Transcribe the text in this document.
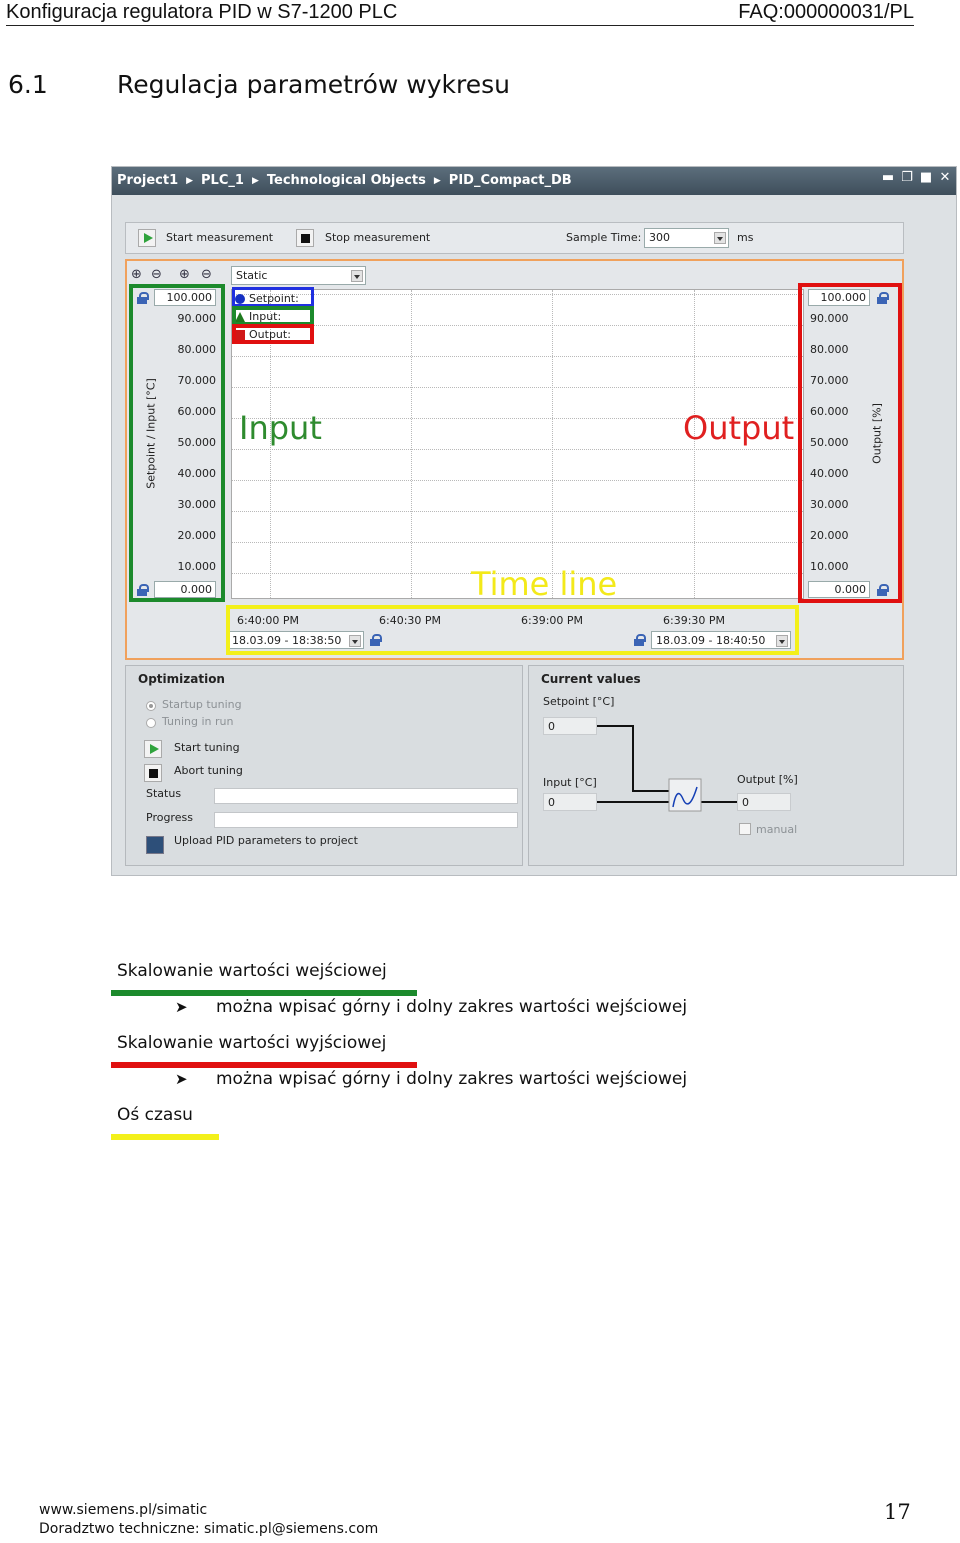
Konfiguracja regulatora PID w S7-1200 PLC	FAQ:000000031/PL
6.1	Regulacja parametrów wykresu
Project1 ▶ PLC_1 ▶ Technological Objects ▶ PID_Compact_DB	▬ ❐ ■ ✕
Start measurement	Stop measurement	Sample Time: 300	ms
⊕ ⊖ ⊕ ⊖	Static
100.000
90.000
80.000
70.000
60.000
50.000
40.000
30.000
20.000
10.000
0.000
Setpoint / Input [°C]
100.000
90.000
80.000
70.000
60.000
50.000
40.000
30.000
20.000
10.000
0.000
Output [%]
Setpoint:
Input:
Output:
Input	Output
Time line
6:40:00 PM	6:40:30 PM	6:39:00 PM	6:39:30 PM
18.03.09 - 18:38:50	18.03.09 - 18:40:50
Optimization
Startup tuning
Tuning in run
Start tuning
Abort tuning
Status
Progress
Upload PID parameters to project
Current values
Setpoint [°C]
0
Input [°C]
0
Output [%]
0
manual
Skalowanie wartości wejściowej
➤ można wpisać górny i dolny zakres wartości wejściowej
Skalowanie wartości wyjściowej
➤ można wpisać górny i dolny zakres wartości wejściowej
Oś czasu
www.siemens.pl/simatic
Doradztwo techniczne: simatic.pl@siemens.com
17
